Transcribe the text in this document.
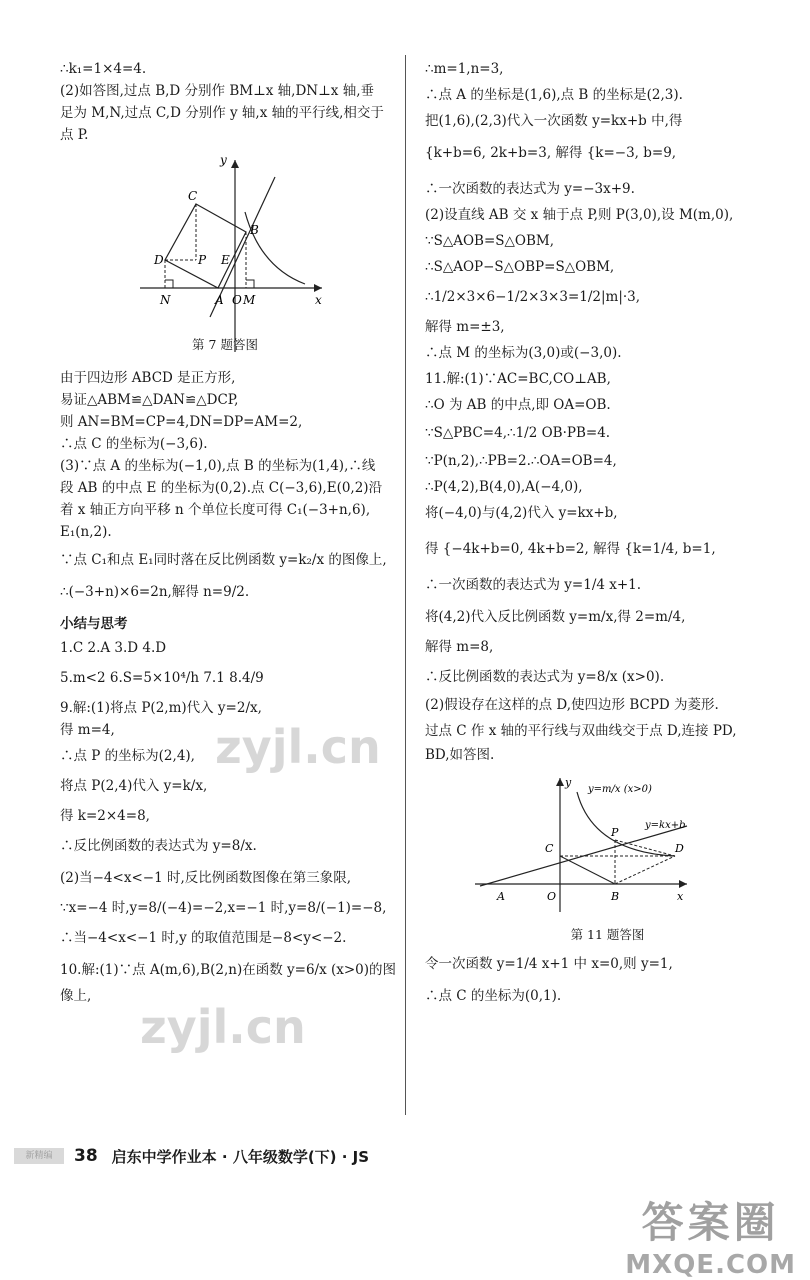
∴k₁=1×4=4.
(2)如答图,过点 B,D 分别作 BM⊥x 轴,DN⊥x 轴,垂
足为 M,N,过点 C,D 分别作 y 轴,x 轴的平行线,相交于
点 P.
y
x
C
B
D	P E
N	A O M
第 7 题答图
由于四边形 ABCD 是正方形,
易证△ABM≌△DAN≌△DCP,
则 AN=BM=CP=4,DN=DP=AM=2,
∴点 C 的坐标为(−3,6).
(3)∵点 A 的坐标为(−1,0),点 B 的坐标为(1,4),∴线
段 AB 的中点 E 的坐标为(0,2).点 C(−3,6),E(0,2)沿
着 x 轴正方向平移 n 个单位长度可得 C₁(−3+n,6),
E₁(n,2).
∵点 C₁和点 E₁同时落在反比例函数 y=k₂/x 的图像上,
∴(−3+n)×6=2n,解得 n=9/2.
小结与思考
1.C 2.A 3.D 4.D
5.m<2 6.S=5×10⁴/h 7.1 8.4/9
9.解:(1)将点 P(2,m)代入 y=2/x,
得 m=4,
∴点 P 的坐标为(2,4),
将点 P(2,4)代入 y=k/x,
得 k=2×4=8,
∴反比例函数的表达式为 y=8/x.
(2)当−4<x<−1 时,反比例函数图像在第三象限,
∵x=−4 时,y=8/(−4)=−2,x=−1 时,y=8/(−1)=−8,
∴当−4<x<−1 时,y 的取值范围是−8<y<−2.
10.解:(1)∵点 A(m,6),B(2,n)在函数 y=6/x (x>0)的图
像上,
∴m=1,n=3,
∴点 A 的坐标是(1,6),点 B 的坐标是(2,3).
把(1,6),(2,3)代入一次函数 y=kx+b 中,得
{k+b=6, 2k+b=3, 解得 {k=−3, b=9,
∴一次函数的表达式为 y=−3x+9.
(2)设直线 AB 交 x 轴于点 P,则 P(3,0),设 M(m,0),
∵S△AOB=S△OBM,
∴S△AOP−S△OBP=S△OBM,
∴1/2×3×6−1/2×3×3=1/2|m|·3,
解得 m=±3,
∴点 M 的坐标为(3,0)或(−3,0).
11.解:(1)∵AC=BC,CO⊥AB,
∴O 为 AB 的中点,即 OA=OB.
∵S△PBC=4,∴1/2 OB·PB=4.
∵P(n,2),∴PB=2.∴OA=OB=4,
∴P(4,2),B(4,0),A(−4,0),
将(−4,0)与(4,2)代入 y=kx+b,
得 {−4k+b=0, 4k+b=2, 解得 {k=1/4, b=1,
∴一次函数的表达式为 y=1/4 x+1.
将(4,2)代入反比例函数 y=m/x,得 2=m/4,
解得 m=8,
∴反比例函数的表达式为 y=8/x (x>0).
(2)假设存在这样的点 D,使四边形 BCPD 为菱形.
过点 C 作 x 轴的平行线与双曲线交于点 D,连接 PD,
BD,如答图.
y
x
y=m/x (x>0)
y=kx+b
P
C	D
A	O	B
第 11 题答图
令一次函数 y=1/4 x+1 中 x=0,则 y=1,
∴点 C 的坐标为(0,1).
zyjl.cn
zyjl.cn
新精编	38 启东中学作业本 · 八年级数学(下) · JS
答案圈
MXQE.COM
